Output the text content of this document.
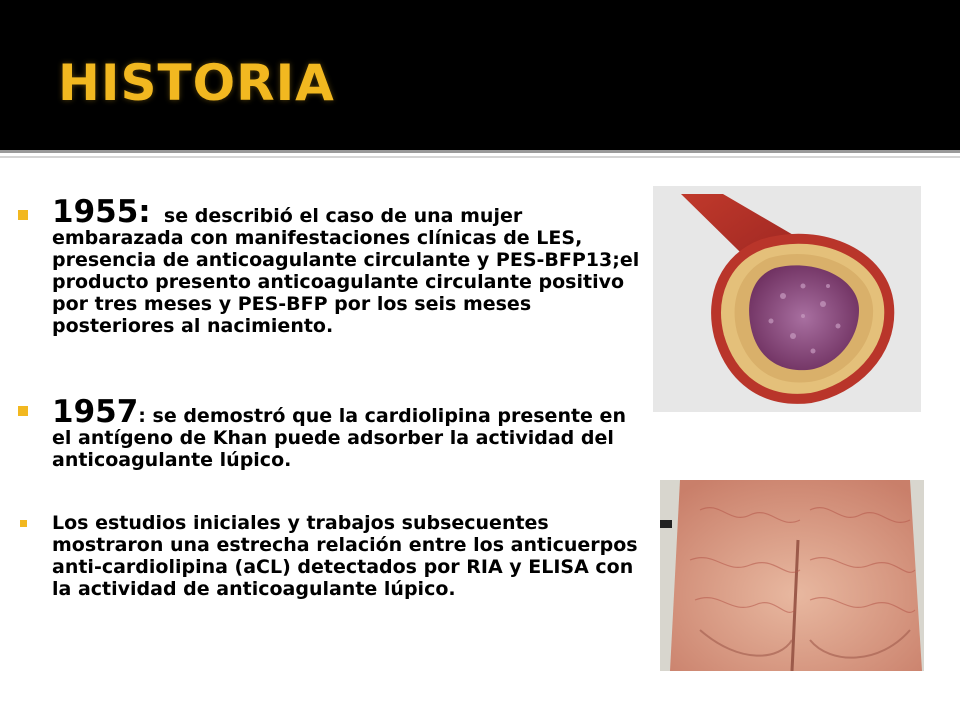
HISTORIA
1955: se describió el caso de una mujer embarazada con manifestaciones clínicas de LES, presencia de anticoagulante circulante y PES-BFP13;el producto presento anticoagulante circulante positivo por tres meses y PES-BFP por los seis meses posteriores al nacimiento.
1957: se demostró que la cardiolipina presente en el antígeno de Khan puede adsorber la actividad del anticoagulante lúpico.
Los estudios iniciales y trabajos subsecuentes mostraron una estrecha relación entre los anticuerpos anti-cardiolipina (aCL) detectados por RIA y ELISA con la actividad de anticoagulante lúpico.
